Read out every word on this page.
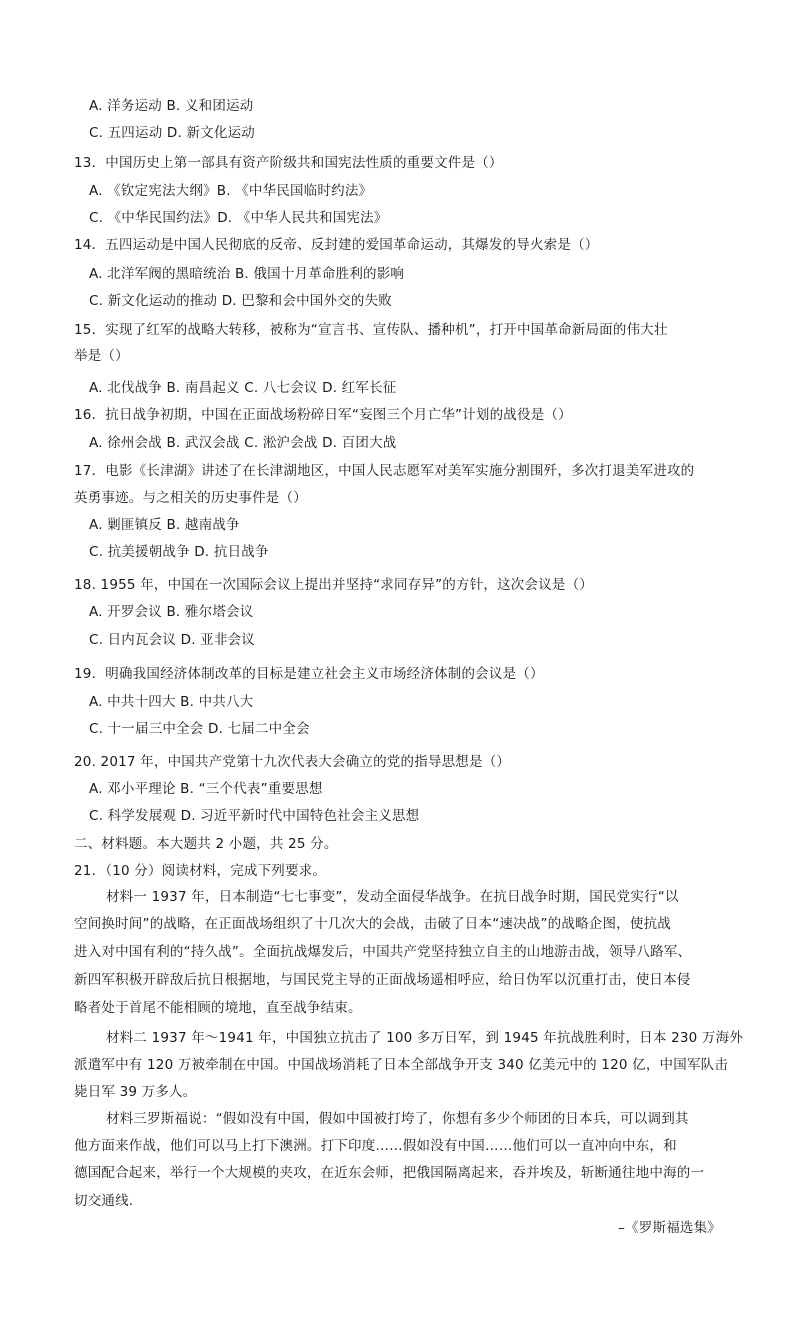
A. 洋务运动 B. 义和团运动
C. 五四运动 D. 新文化运动
13．中国历史上第一部具有资产阶级共和国宪法性质的重要文件是（）
A. 《钦定宪法大纲》B. 《中华民国临时约法》
C. 《中华民国约法》D. 《中华人民共和国宪法》
14．五四运动是中国人民彻底的反帝、反封建的爱国革命运动，其爆发的导火索是（）
A. 北洋军阀的黑暗统治 B. 俄国十月革命胜利的影响
C. 新文化运动的推动 D. 巴黎和会中国外交的失败
15．实现了红军的战略大转移，被称为“宣言书、宣传队、播种机”，打开中国革命新局面的伟大壮
举是（）
A. 北伐战争 B. 南昌起义 C. 八七会议 D. 红军长征
16．抗日战争初期，中国在正面战场粉碎日军“妄图三个月亡华”计划的战役是（）
A. 徐州会战 B. 武汉会战 C. 淞沪会战 D. 百团大战
17．电影《长津湖》讲述了在长津湖地区，中国人民志愿军对美军实施分割围歼，多次打退美军进攻的
英勇事迹。与之相关的历史事件是（）
A. 剿匪镇反 B. 越南战争
C. 抗美援朝战争 D. 抗日战争
18. 1955 年，中国在一次国际会议上提出并坚持“求同存异”的方针，这次会议是（）
A. 开罗会议 B. 雅尔塔会议
C. 日内瓦会议 D. 亚非会议
19．明确我国经济体制改革的目标是建立社会主义市场经济体制的会议是（）
A. 中共十四大 B. 中共八大
C. 十一届三中全会 D. 七届二中全会
20. 2017 年，中国共产党第十九次代表大会确立的党的指导思想是（）
A. 邓小平理论 B. “三个代表”重要思想
C. 科学发展观 D. 习近平新时代中国特色社会主义思想
二、材料题。本大题共 2 小题，共 25 分。
21．（10 分）阅读材料，完成下列要求。
材料一 1937 年，日本制造“七七事变”，发动全面侵华战争。在抗日战争时期，国民党实行“以
空间换时间”的战略，在正面战场组织了十几次大的会战，击破了日本“速决战”的战略企图，使抗战
进入对中国有利的“持久战”。全面抗战爆发后，中国共产党坚持独立自主的山地游击战，领导八路军、
新四军积极开辟敌后抗日根据地，与国民党主导的正面战场遥相呼应，给日伪军以沉重打击，使日本侵
略者处于首尾不能相顾的境地，直至战争结束。
材料二 1937 年～1941 年，中国独立抗击了 100 多万日军，到 1945 年抗战胜利时，日本 230 万海外
派遣军中有 120 万被牵制在中国。中国战场消耗了日本全部战争开支 340 亿美元中的 120 亿，中国军队击
毙日军 39 万多人。
材料三罗斯福说：“假如没有中国，假如中国被打垮了，你想有多少个师团的日本兵，可以调到其
他方面来作战，他们可以马上打下澳洲。打下印度……假如没有中国……他们可以一直冲向中东，和
德国配合起来，举行一个大规模的夹攻，在近东会师，把俄国隔离起来，吞并埃及，斩断通往地中海的一
切交通线.
–《罗斯福选集》
